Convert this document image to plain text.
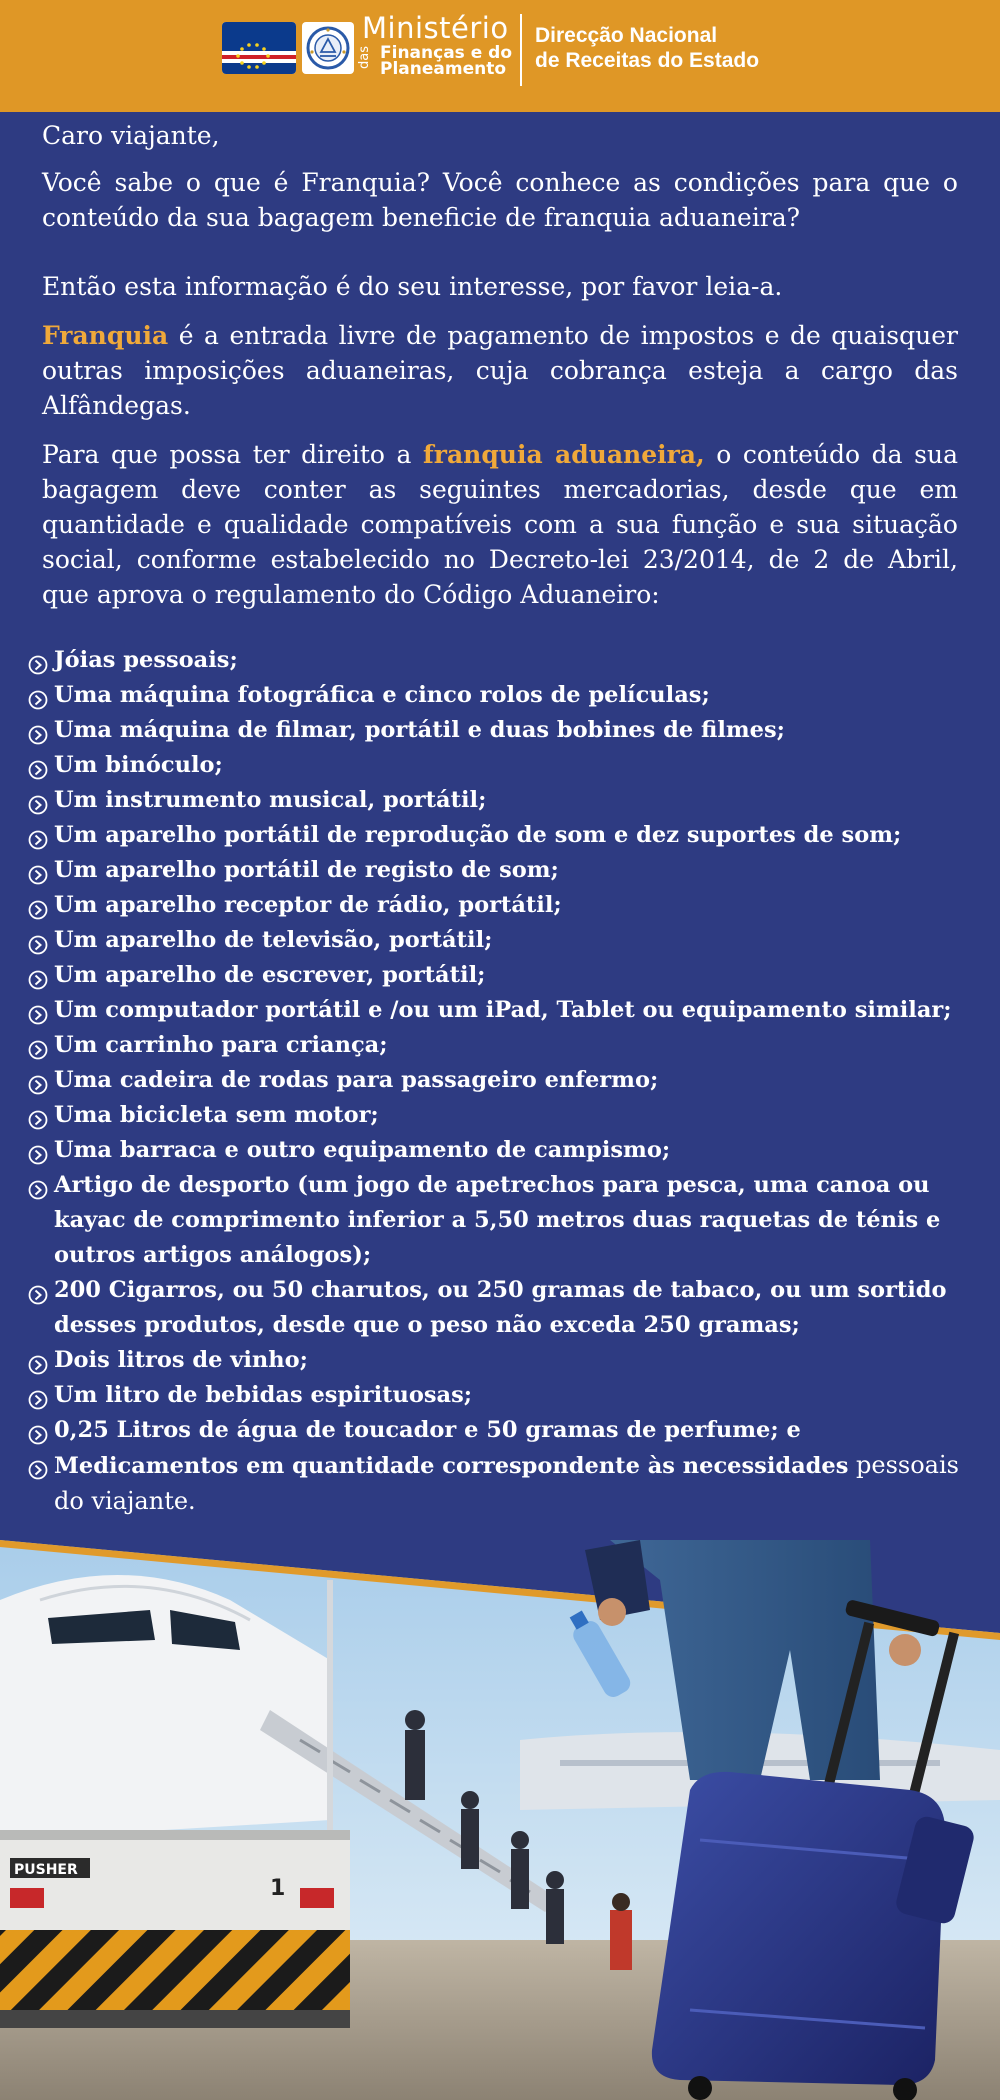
Ministério
das Finanças e do
Planeamento
Direcção Nacional
de Receitas do Estado

Caro viajante,

Você sabe o que é Franquia? Você conhece as condições para que o conteúdo da sua bagagem beneficie de franquia aduaneira?

Então esta informação é do seu interesse, por favor leia-a.

Franquia é a entrada livre de pagamento de impostos e de quaisquer outras imposições aduaneiras, cuja cobrança esteja a cargo das Alfândegas.

Para que possa ter direito a franquia aduaneira, o conteúdo da sua bagagem deve conter as seguintes mercadorias, desde que em quantidade e qualidade compatíveis com a sua função e sua situação social, conforme estabelecido no Decreto-lei 23/2014, de 2 de Abril, que aprova o regulamento do Código Aduaneiro:

Jóias pessoais;
Uma máquina fotográfica e cinco rolos de películas;
Uma máquina de filmar, portátil e duas bobines de filmes;
Um binóculo;
Um instrumento musical, portátil;
Um aparelho portátil de reprodução de som e dez suportes de som;
Um aparelho portátil de registo de som;
Um aparelho receptor de rádio, portátil;
Um aparelho de televisão, portátil;
Um aparelho de escrever, portátil;
Um computador portátil e /ou um iPad, Tablet ou equipamento similar;
Um carrinho para criança;
Uma cadeira de rodas para passageiro enfermo;
Uma bicicleta sem motor;
Uma barraca e outro equipamento de campismo;
Artigo de desporto (um jogo de apetrechos para pesca, uma canoa ou kayac de comprimento inferior a 5,50 metros duas raquetas de ténis e outros artigos análogos);
200 Cigarros, ou 50 charutos, ou 250 gramas de tabaco, ou um sortido desses produtos, desde que o peso não exceda 250 gramas;
Dois litros de vinho;
Um litro de bebidas espirituosas;
0,25 Litros de água de toucador e 50 gramas de perfume; e
Medicamentos em quantidade correspondente às necessidades pessoais do viajante.
PUSHER
1
